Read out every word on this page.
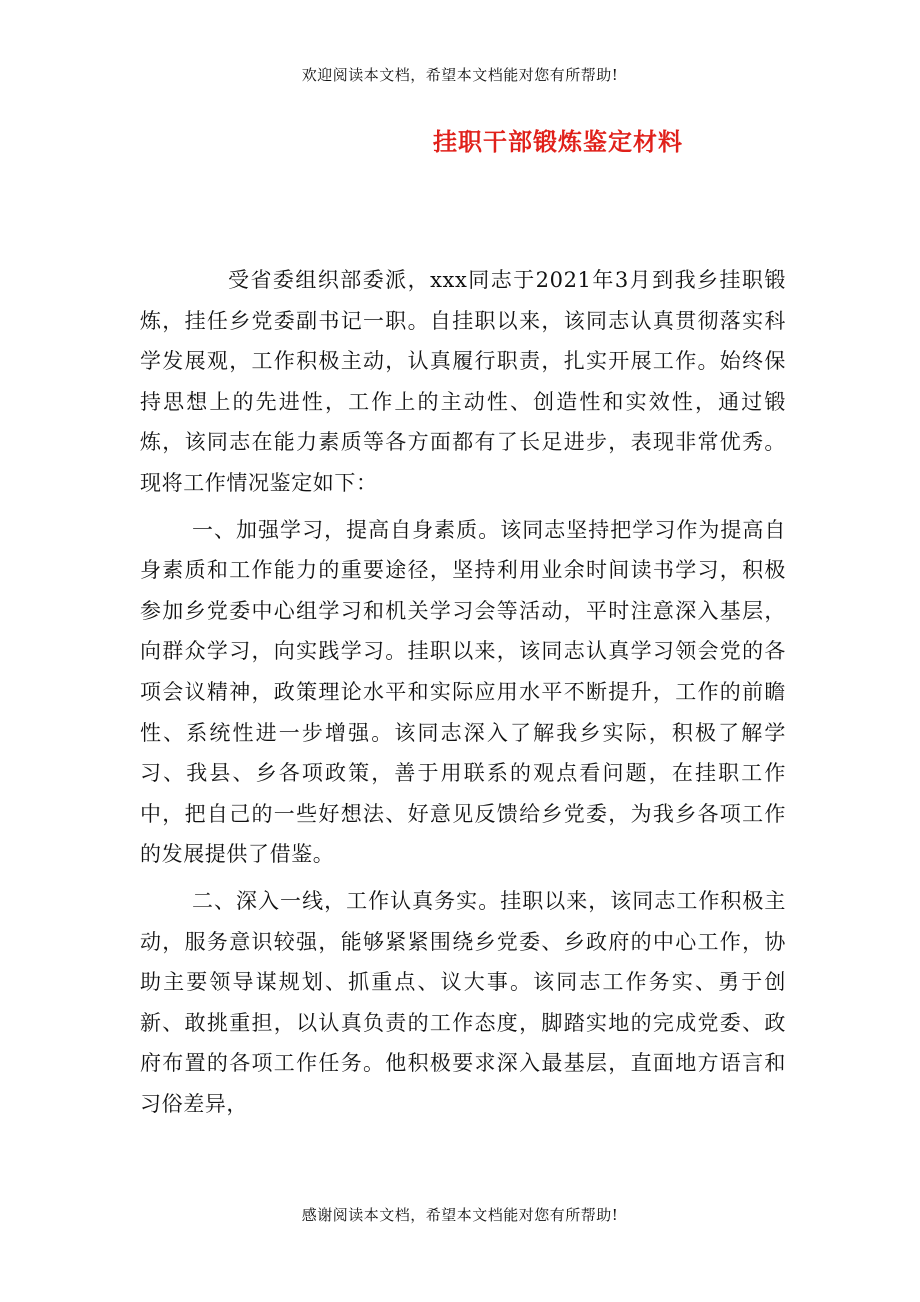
欢迎阅读本文档，希望本文档能对您有所帮助!
挂职干部锻炼鉴定材料

受省委组织部委派，xxx同志于2021年3月到我乡挂职锻炼，挂任乡党委副书记一职。自挂职以来，该同志认真贯彻落实科学发展观，工作积极主动，认真履行职责，扎实开展工作。始终保持思想上的先进性，工作上的主动性、创造性和实效性，通过锻炼，该同志在能力素质等各方面都有了长足进步，表现非常优秀。现将工作情况鉴定如下：

一、加强学习，提高自身素质。该同志坚持把学习作为提高自身素质和工作能力的重要途径，坚持利用业余时间读书学习，积极参加乡党委中心组学习和机关学习会等活动，平时注意深入基层，向群众学习，向实践学习。挂职以来，该同志认真学习领会党的各项会议精神，政策理论水平和实际应用水平不断提升，工作的前瞻性、系统性进一步增强。该同志深入了解我乡实际，积极了解学习、我县、乡各项政策，善于用联系的观点看问题，在挂职工作中，把自己的一些好想法、好意见反馈给乡党委，为我乡各项工作的发展提供了借鉴。

二、深入一线，工作认真务实。挂职以来，该同志工作积极主动，服务意识较强，能够紧紧围绕乡党委、乡政府的中心工作，协助主要领导谋规划、抓重点、议大事。该同志工作务实、勇于创新、敢挑重担，以认真负责的工作态度，脚踏实地的完成党委、政府布置的各项工作任务。他积极要求深入最基层，直面地方语言和习俗差异，

感谢阅读本文档，希望本文档能对您有所帮助!
